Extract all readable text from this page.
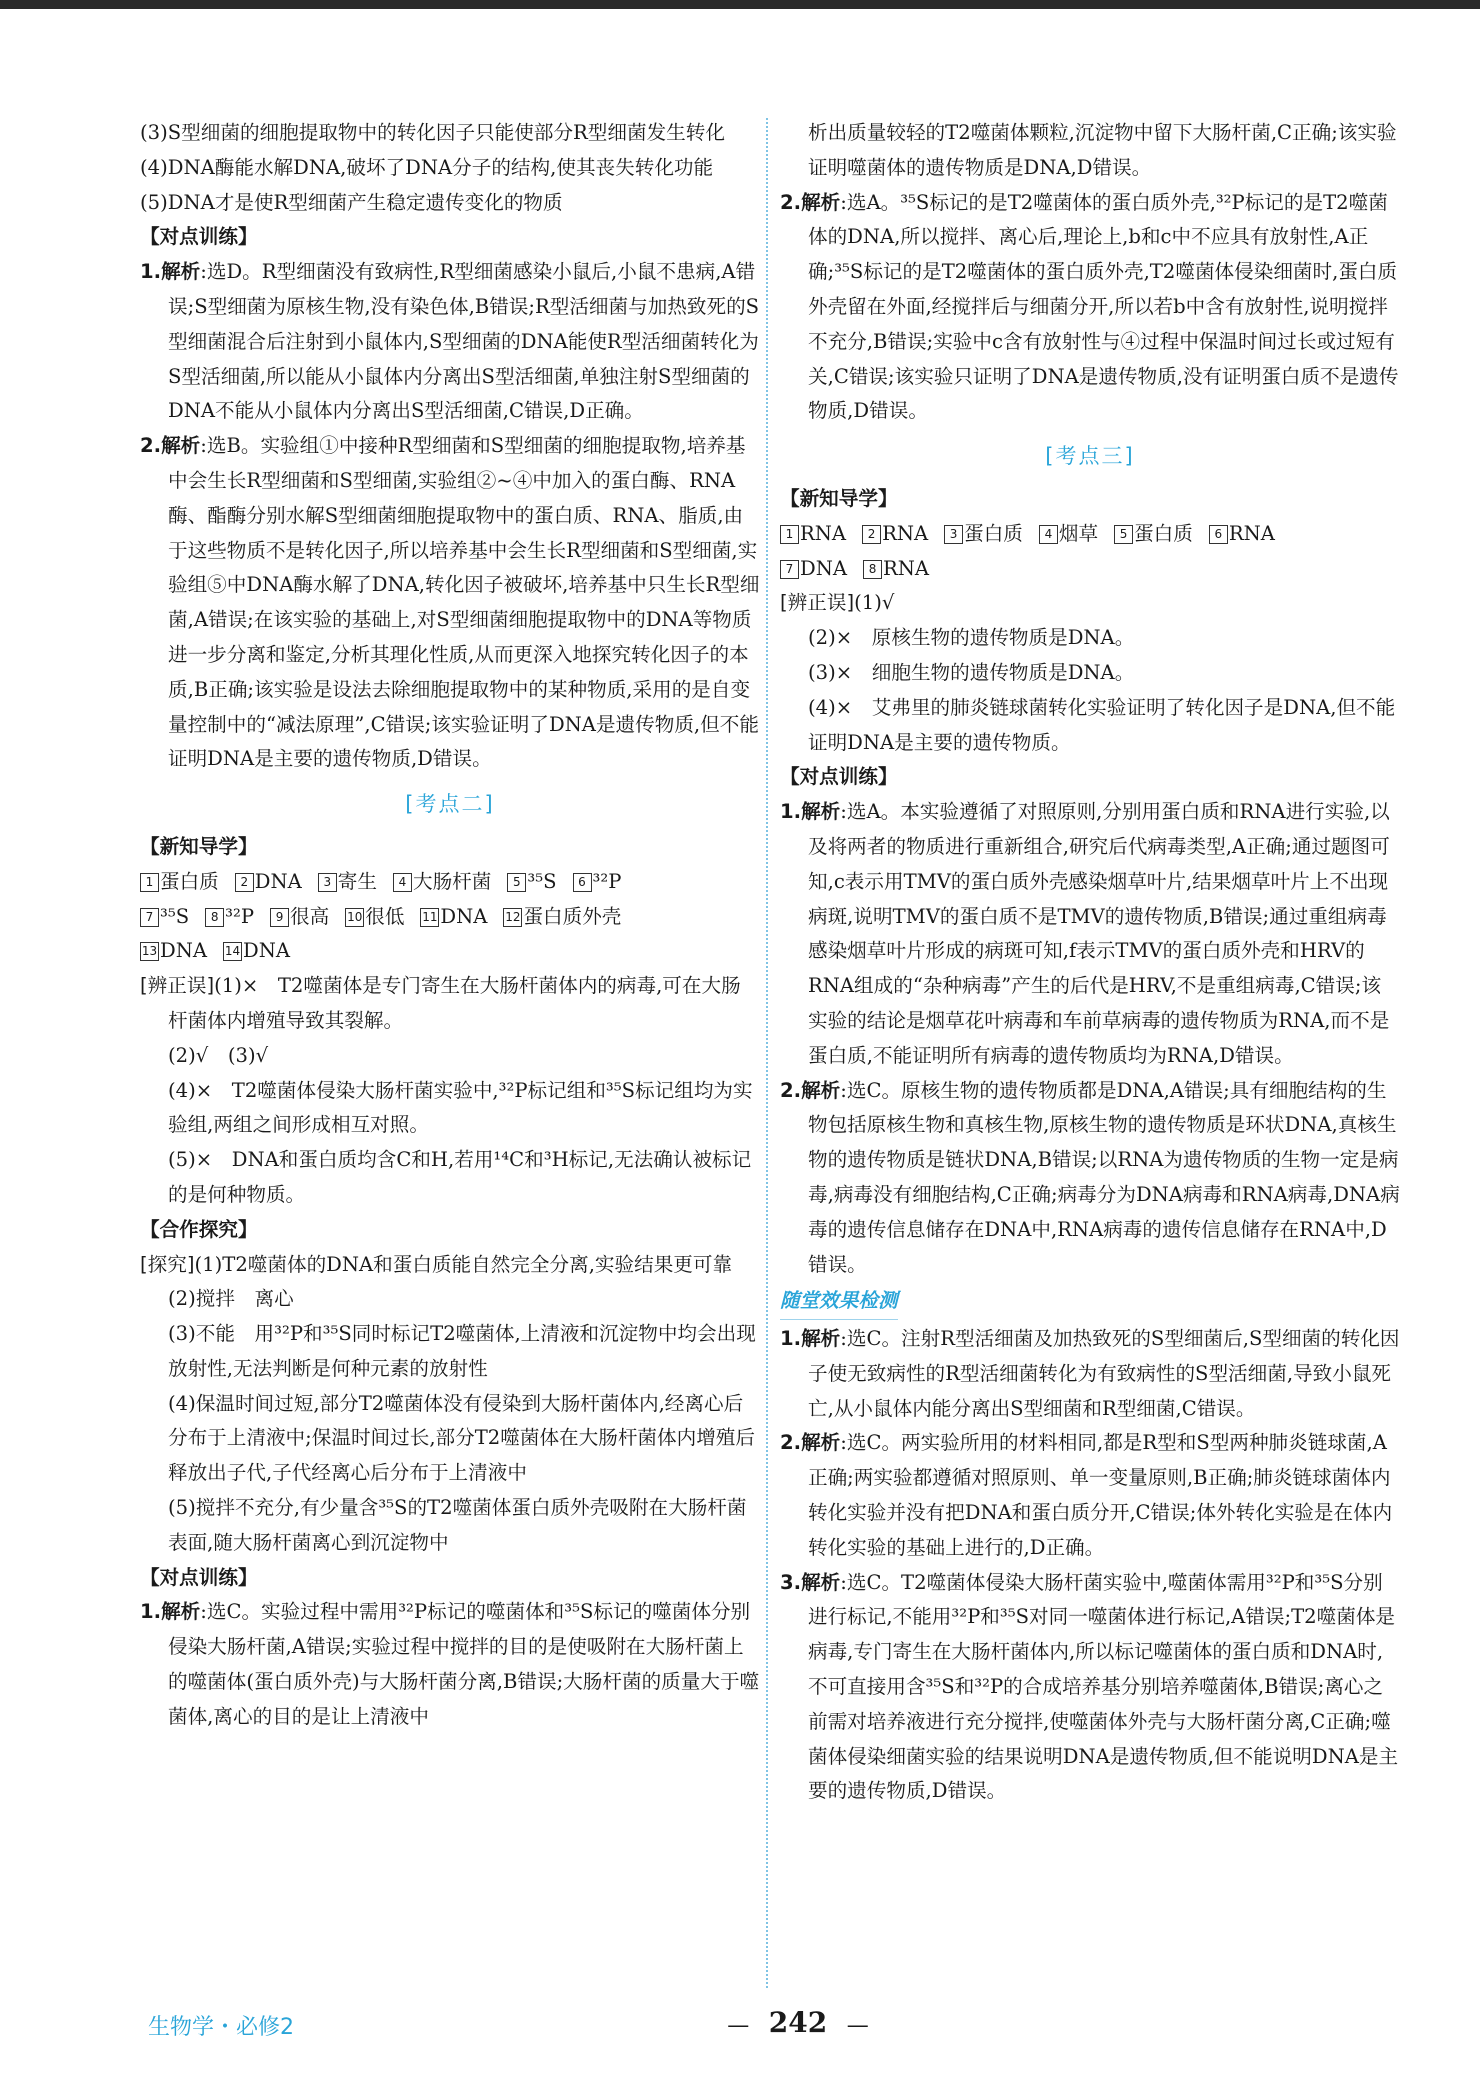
(3)S型细菌的细胞提取物中的转化因子只能使部分R型细菌发生转化

(4)DNA酶能水解DNA,破坏了DNA分子的结构,使其丧失转化功能

(5)DNA才是使R型细菌产生稳定遗传变化的物质

【对点训练】

1.解析:选D。R型细菌没有致病性,R型细菌感染小鼠后,小鼠不患病,A错误;S型细菌为原核生物,没有染色体,B错误;R型活细菌与加热致死的S型细菌混合后注射到小鼠体内,S型细菌的DNA能使R型活细菌转化为S型活细菌,所以能从小鼠体内分离出S型活细菌,单独注射S型细菌的DNA不能从小鼠体内分离出S型活细菌,C错误,D正确。

2.解析:选B。实验组①中接种R型细菌和S型细菌的细胞提取物,培养基中会生长R型细菌和S型细菌,实验组②~④中加入的蛋白酶、RNA酶、酯酶分别水解S型细菌细胞提取物中的蛋白质、RNA、脂质,由于这些物质不是转化因子,所以培养基中会生长R型细菌和S型细菌,实验组⑤中DNA酶水解了DNA,转化因子被破坏,培养基中只生长R型细菌,A错误;在该实验的基础上,对S型细菌细胞提取物中的DNA等物质进一步分离和鉴定,分析其理化性质,从而更深入地探究转化因子的本质,B正确;该实验是设法去除细胞提取物中的某种物质,采用的是自变量控制中的“减法原理”,C错误;该实验证明了DNA是遗传物质,但不能证明DNA是主要的遗传物质,D错误。

[考点二]

【新知导学】

1 蛋白质 2 DNA 3 寄生 4 大肠杆菌 5 ³⁵S 6 ³²P

7 ³⁵S 8 ³²P 9 很高 10 很低 11 DNA 12 蛋白质外壳

13 DNA 14 DNA

[辨正误](1)×　T2噬菌体是专门寄生在大肠杆菌体内的病毒,可在大肠杆菌体内增殖导致其裂解。

(2)√　(3)√

(4)×　T2噬菌体侵染大肠杆菌实验中,³²P标记组和³⁵S标记组均为实验组,两组之间形成相互对照。

(5)×　DNA和蛋白质均含C和H,若用¹⁴C和³H标记,无法确认被标记的是何种物质。

【合作探究】

[探究](1)T2噬菌体的DNA和蛋白质能自然完全分离,实验结果更可靠

(2)搅拌　离心

(3)不能　用³²P和³⁵S同时标记T2噬菌体,上清液和沉淀物中均会出现放射性,无法判断是何种元素的放射性

(4)保温时间过短,部分T2噬菌体没有侵染到大肠杆菌体内,经离心后分布于上清液中;保温时间过长,部分T2噬菌体在大肠杆菌体内增殖后释放出子代,子代经离心后分布于上清液中

(5)搅拌不充分,有少量含³⁵S的T2噬菌体蛋白质外壳吸附在大肠杆菌表面,随大肠杆菌离心到沉淀物中

【对点训练】

1.解析:选C。实验过程中需用³²P标记的噬菌体和³⁵S标记的噬菌体分别侵染大肠杆菌,A错误;实验过程中搅拌的目的是使吸附在大肠杆菌上的噬菌体(蛋白质外壳)与大肠杆菌分离,B错误;大肠杆菌的质量大于噬菌体,离心的目的是让上清液中

析出质量较轻的T2噬菌体颗粒,沉淀物中留下大肠杆菌,C正确;该实验证明噬菌体的遗传物质是DNA,D错误。

2.解析:选A。³⁵S标记的是T2噬菌体的蛋白质外壳,³²P标记的是T2噬菌体的DNA,所以搅拌、离心后,理论上,b和c中不应具有放射性,A正确;³⁵S标记的是T2噬菌体的蛋白质外壳,T2噬菌体侵染细菌时,蛋白质外壳留在外面,经搅拌后与细菌分开,所以若b中含有放射性,说明搅拌不充分,B错误;实验中c含有放射性与④过程中保温时间过长或过短有关,C错误;该实验只证明了DNA是遗传物质,没有证明蛋白质不是遗传物质,D错误。

[考点三]

【新知导学】

1 RNA 2 RNA 3 蛋白质 4 烟草 5 蛋白质 6 RNA

7 DNA 8 RNA

[辨正误](1)√

(2)×　原核生物的遗传物质是DNA。

(3)×　细胞生物的遗传物质是DNA。

(4)×　艾弗里的肺炎链球菌转化实验证明了转化因子是DNA,但不能证明DNA是主要的遗传物质。

【对点训练】

1.解析:选A。本实验遵循了对照原则,分别用蛋白质和RNA进行实验,以及将两者的物质进行重新组合,研究后代病毒类型,A正确;通过题图可知,c表示用TMV的蛋白质外壳感染烟草叶片,结果烟草叶片上不出现病斑,说明TMV的蛋白质不是TMV的遗传物质,B错误;通过重组病毒感染烟草叶片形成的病斑可知,f表示TMV的蛋白质外壳和HRV的RNA组成的“杂种病毒”产生的后代是HRV,不是重组病毒,C错误;该实验的结论是烟草花叶病毒和车前草病毒的遗传物质为RNA,而不是蛋白质,不能证明所有病毒的遗传物质均为RNA,D错误。

2.解析:选C。原核生物的遗传物质都是DNA,A错误;具有细胞结构的生物包括原核生物和真核生物,原核生物的遗传物质是环状DNA,真核生物的遗传物质是链状DNA,B错误;以RNA为遗传物质的生物一定是病毒,病毒没有细胞结构,C正确;病毒分为DNA病毒和RNA病毒,DNA病毒的遗传信息储存在DNA中,RNA病毒的遗传信息储存在RNA中,D错误。

随堂效果检测

1.解析:选C。注射R型活细菌及加热致死的S型细菌后,S型细菌的转化因子使无致病性的R型活细菌转化为有致病性的S型活细菌,导致小鼠死亡,从小鼠体内能分离出S型细菌和R型细菌,C错误。

2.解析:选C。两实验所用的材料相同,都是R型和S型两种肺炎链球菌,A正确;两实验都遵循对照原则、单一变量原则,B正确;肺炎链球菌体内转化实验并没有把DNA和蛋白质分开,C错误;体外转化实验是在体内转化实验的基础上进行的,D正确。

3.解析:选C。T2噬菌体侵染大肠杆菌实验中,噬菌体需用³²P和³⁵S分别进行标记,不能用³²P和³⁵S对同一噬菌体进行标记,A错误;T2噬菌体是病毒,专门寄生在大肠杆菌体内,所以标记噬菌体的蛋白质和DNA时,不可直接用含³⁵S和³²P的合成培养基分别培养噬菌体,B错误;离心之前需对培养液进行充分搅拌,使噬菌体外壳与大肠杆菌分离,C正确;噬菌体侵染细菌实验的结果说明DNA是遗传物质,但不能说明DNA是主要的遗传物质,D错误。

生物学・必修2	— 242 —
